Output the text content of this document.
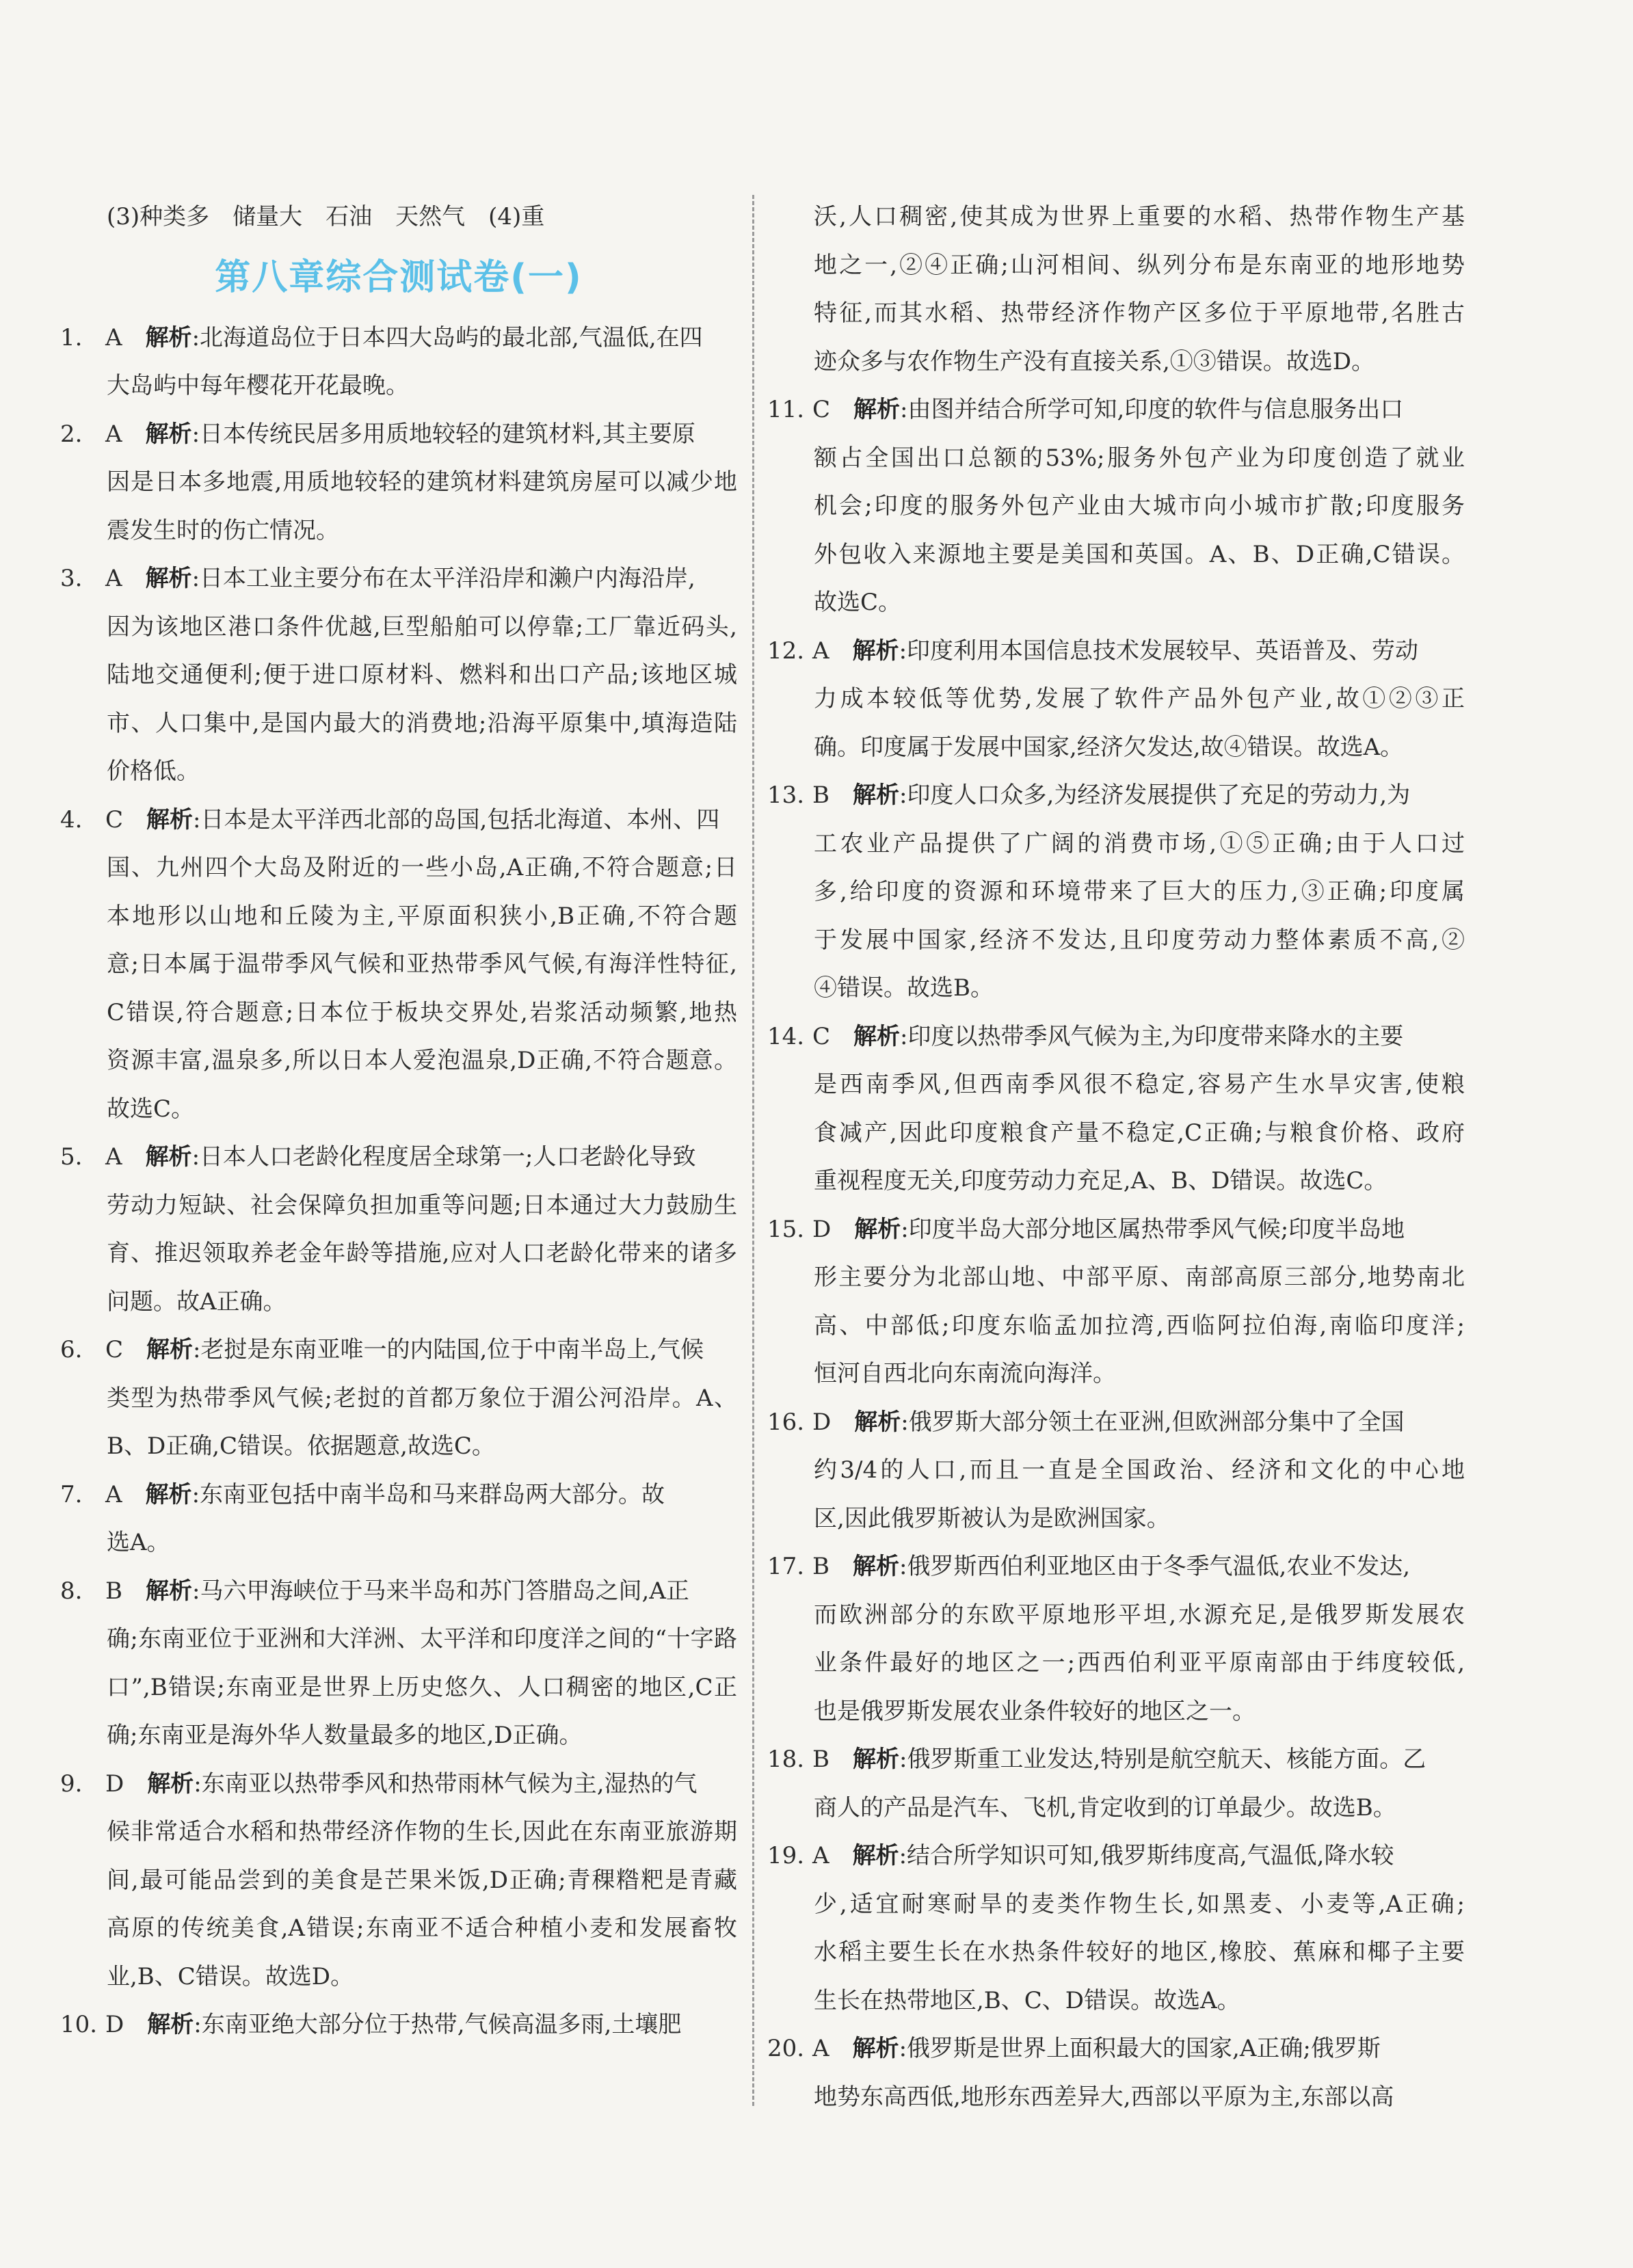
(3)种类多　储量大　石油　天然气　(4)重
第八章综合测试卷(一)
1. A 解析:北海道岛位于日本四大岛屿的最北部,气温低,在四
大岛屿中每年樱花开花最晚。
2. A 解析:日本传统民居多用质地较轻的建筑材料,其主要原
因是日本多地震,用质地较轻的建筑材料建筑房屋可以减少地
震发生时的伤亡情况。
3. A 解析:日本工业主要分布在太平洋沿岸和濑户内海沿岸,
因为该地区港口条件优越,巨型船舶可以停靠;工厂靠近码头,
陆地交通便利;便于进口原材料、燃料和出口产品;该地区城
市、人口集中,是国内最大的消费地;沿海平原集中,填海造陆
价格低。
4. C 解析:日本是太平洋西北部的岛国,包括北海道、本州、四
国、九州四个大岛及附近的一些小岛,A正确,不符合题意;日
本地形以山地和丘陵为主,平原面积狭小,B正确,不符合题
意;日本属于温带季风气候和亚热带季风气候,有海洋性特征,
C错误,符合题意;日本位于板块交界处,岩浆活动频繁,地热
资源丰富,温泉多,所以日本人爱泡温泉,D正确,不符合题意。
故选C。
5. A 解析:日本人口老龄化程度居全球第一;人口老龄化导致
劳动力短缺、社会保障负担加重等问题;日本通过大力鼓励生
育、推迟领取养老金年龄等措施,应对人口老龄化带来的诸多
问题。故A正确。
6. C 解析:老挝是东南亚唯一的内陆国,位于中南半岛上,气候
类型为热带季风气候;老挝的首都万象位于湄公河沿岸。A、
B、D正确,C错误。依据题意,故选C。
7. A 解析:东南亚包括中南半岛和马来群岛两大部分。故
选A。
8. B 解析:马六甲海峡位于马来半岛和苏门答腊岛之间,A正
确;东南亚位于亚洲和大洋洲、太平洋和印度洋之间的“十字路
口”,B错误;东南亚是世界上历史悠久、人口稠密的地区,C正
确;东南亚是海外华人数量最多的地区,D正确。
9. D 解析:东南亚以热带季风和热带雨林气候为主,湿热的气
候非常适合水稻和热带经济作物的生长,因此在东南亚旅游期
间,最可能品尝到的美食是芒果米饭,D正确;青稞糌粑是青藏
高原的传统美食,A错误;东南亚不适合种植小麦和发展畜牧
业,B、C错误。故选D。
10. D 解析:东南亚绝大部分位于热带,气候高温多雨,土壤肥
沃,人口稠密,使其成为世界上重要的水稻、热带作物生产基
地之一,②④正确;山河相间、纵列分布是东南亚的地形地势
特征,而其水稻、热带经济作物产区多位于平原地带,名胜古
迹众多与农作物生产没有直接关系,①③错误。故选D。
11. C 解析:由图并结合所学可知,印度的软件与信息服务出口
额占全国出口总额的53%;服务外包产业为印度创造了就业
机会;印度的服务外包产业由大城市向小城市扩散;印度服务
外包收入来源地主要是美国和英国。A、B、D正确,C错误。
故选C。
12. A 解析:印度利用本国信息技术发展较早、英语普及、劳动
力成本较低等优势,发展了软件产品外包产业,故①②③正
确。印度属于发展中国家,经济欠发达,故④错误。故选A。
13. B 解析:印度人口众多,为经济发展提供了充足的劳动力,为
工农业产品提供了广阔的消费市场,①⑤正确;由于人口过
多,给印度的资源和环境带来了巨大的压力,③正确;印度属
于发展中国家,经济不发达,且印度劳动力整体素质不高,②
④错误。故选B。
14. C 解析:印度以热带季风气候为主,为印度带来降水的主要
是西南季风,但西南季风很不稳定,容易产生水旱灾害,使粮
食减产,因此印度粮食产量不稳定,C正确;与粮食价格、政府
重视程度无关,印度劳动力充足,A、B、D错误。故选C。
15. D 解析:印度半岛大部分地区属热带季风气候;印度半岛地
形主要分为北部山地、中部平原、南部高原三部分,地势南北
高、中部低;印度东临孟加拉湾,西临阿拉伯海,南临印度洋;
恒河自西北向东南流向海洋。
16. D 解析:俄罗斯大部分领土在亚洲,但欧洲部分集中了全国
约3/4的人口,而且一直是全国政治、经济和文化的中心地
区,因此俄罗斯被认为是欧洲国家。
17. B 解析:俄罗斯西伯利亚地区由于冬季气温低,农业不发达,
而欧洲部分的东欧平原地形平坦,水源充足,是俄罗斯发展农
业条件最好的地区之一;西西伯利亚平原南部由于纬度较低,
也是俄罗斯发展农业条件较好的地区之一。
18. B 解析:俄罗斯重工业发达,特别是航空航天、核能方面。乙
商人的产品是汽车、飞机,肯定收到的订单最少。故选B。
19. A 解析:结合所学知识可知,俄罗斯纬度高,气温低,降水较
少,适宜耐寒耐旱的麦类作物生长,如黑麦、小麦等,A正确;
水稻主要生长在水热条件较好的地区,橡胶、蕉麻和椰子主要
生长在热带地区,B、C、D错误。故选A。
20. A 解析:俄罗斯是世界上面积最大的国家,A正确;俄罗斯
地势东高西低,地形东西差异大,西部以平原为主,东部以高
